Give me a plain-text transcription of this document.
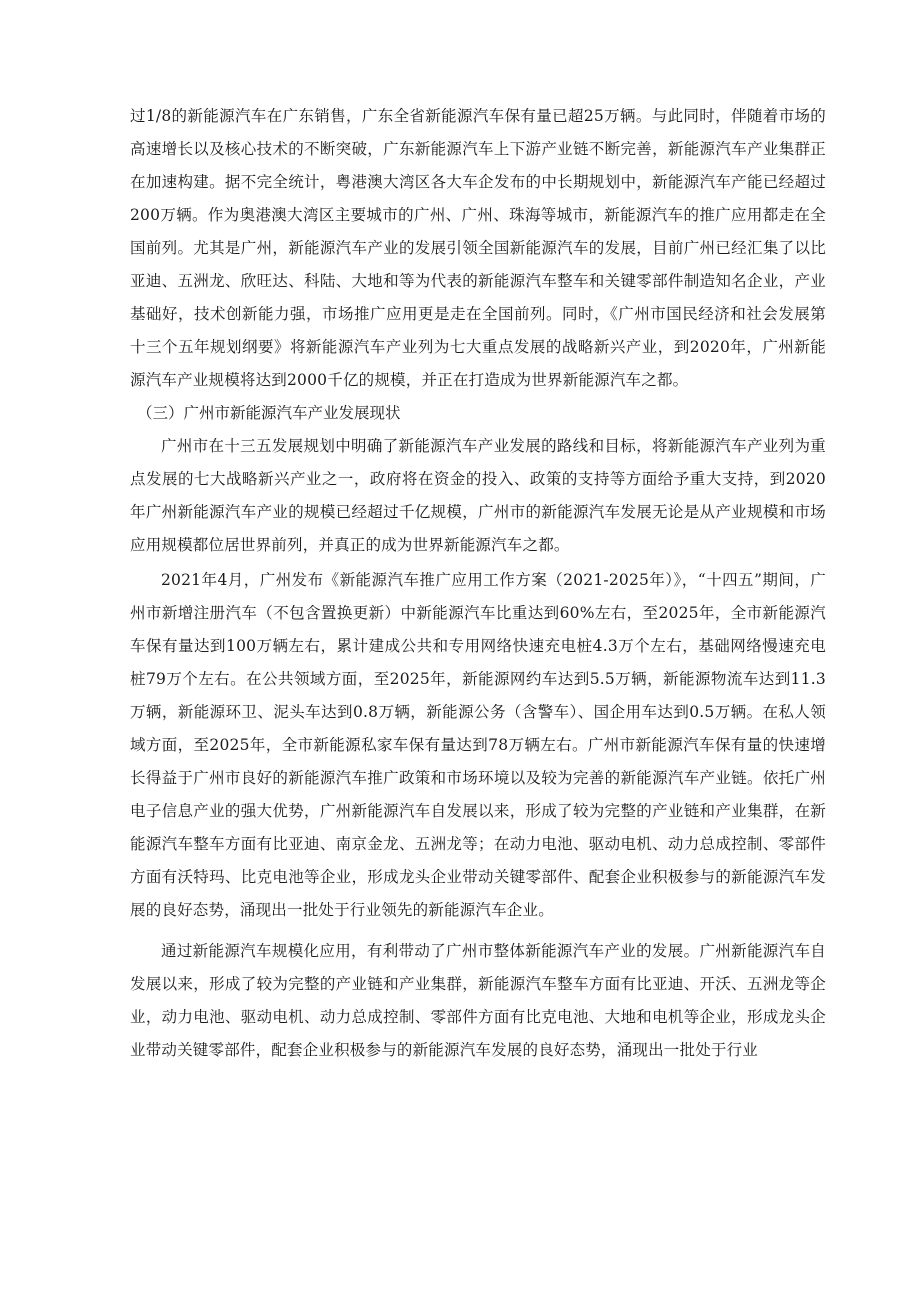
过1/8的新能源汽车在广东销售，广东全省新能源汽车保有量已超25万辆。与此同时，伴随着市场的高速增长以及核心技术的不断突破，广东新能源汽车上下游产业链不断完善，新能源汽车产业集群正在加速构建。据不完全统计，粤港澳大湾区各大车企发布的中长期规划中，新能源汽车产能已经超过200万辆。作为奥港澳大湾区主要城市的广州、广州、珠海等城市，新能源汽车的推广应用都走在全国前列。尤其是广州，新能源汽车产业的发展引领全国新能源汽车的发展，目前广州已经汇集了以比亚迪、五洲龙、欣旺达、科陆、大地和等为代表的新能源汽车整车和关键零部件制造知名企业，产业基础好，技术创新能力强，市场推广应用更是走在全国前列。同时，《广州市国民经济和社会发展第十三个五年规划纲要》将新能源汽车产业列为七大重点发展的战略新兴产业，到2020年，广州新能源汽车产业规模将达到2000千亿的规模，并正在打造成为世界新能源汽车之都。

（三）广州市新能源汽车产业发展现状

广州市在十三五发展规划中明确了新能源汽车产业发展的路线和目标，将新能源汽车产业列为重点发展的七大战略新兴产业之一，政府将在资金的投入、政策的支持等方面给予重大支持，到2020年广州新能源汽车产业的规模已经超过千亿规模，广州市的新能源汽车发展无论是从产业规模和市场应用规模都位居世界前列，并真正的成为世界新能源汽车之都。

2021年4月，广州发布《新能源汽车推广应用工作方案（2021-2025年）》，“十四五”期间，广州市新增注册汽车（不包含置换更新）中新能源汽车比重达到60%左右，至2025年，全市新能源汽车保有量达到100万辆左右，累计建成公共和专用网络快速充电桩4.3万个左右，基础网络慢速充电桩79万个左右。在公共领域方面，至2025年，新能源网约车达到5.5万辆，新能源物流车达到11.3万辆，新能源环卫、泥头车达到0.8万辆，新能源公务（含警车）、国企用车达到0.5万辆。在私人领域方面，至2025年，全市新能源私家车保有量达到78万辆左右。广州市新能源汽车保有量的快速增长得益于广州市良好的新能源汽车推广政策和市场环境以及较为完善的新能源汽车产业链。依托广州电子信息产业的强大优势，广州新能源汽车自发展以来，形成了较为完整的产业链和产业集群，在新能源汽车整车方面有比亚迪、南京金龙、五洲龙等；在动力电池、驱动电机、动力总成控制、零部件方面有沃特玛、比克电池等企业，形成龙头企业带动关键零部件、配套企业积极参与的新能源汽车发展的良好态势，涌现出一批处于行业领先的新能源汽车企业。

通过新能源汽车规模化应用，有利带动了广州市整体新能源汽车产业的发展。广州新能源汽车自发展以来，形成了较为完整的产业链和产业集群，新能源汽车整车方面有比亚迪、开沃、五洲龙等企业，动力电池、驱动电机、动力总成控制、零部件方面有比克电池、大地和电机等企业，形成龙头企业带动关键零部件，配套企业积极参与的新能源汽车发展的良好态势，涌现出一批处于行业
